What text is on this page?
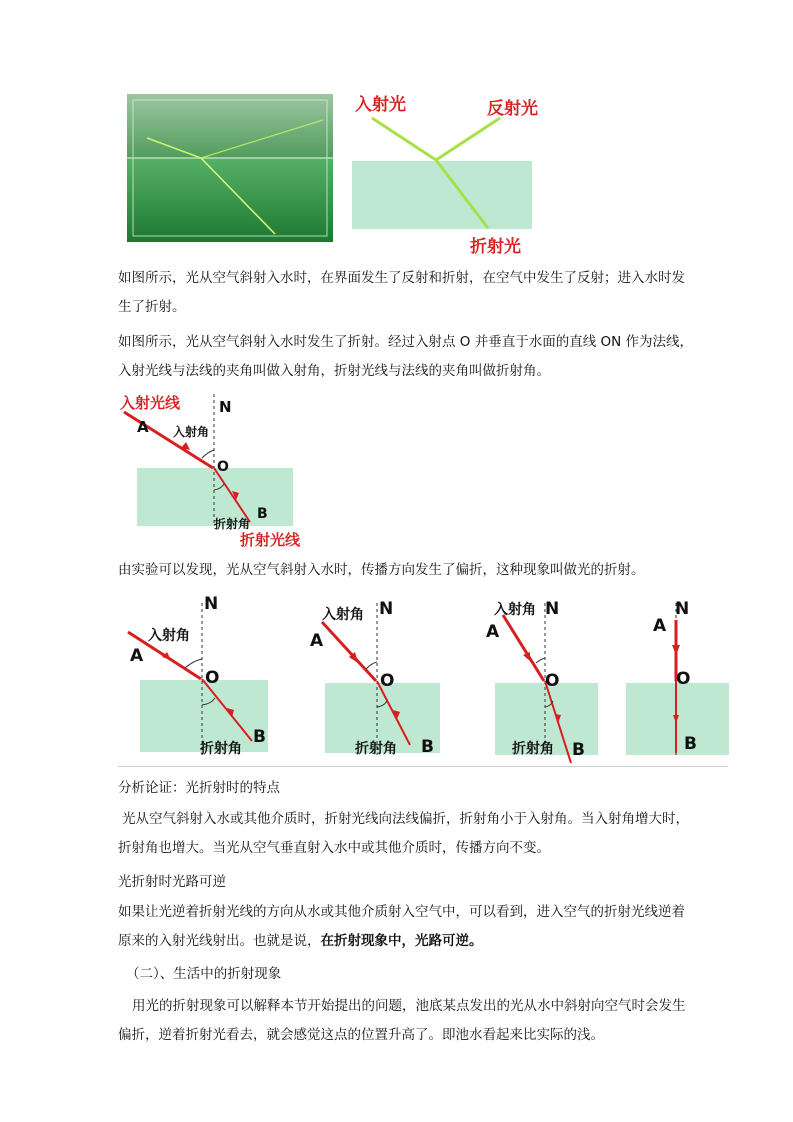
入射光	反射光
折射光
如图所示，光从空气斜射入水时，在界面发生了反射和折射，在空气中发生了反射；进入水时发
生了折射。
如图所示，光从空气斜射入水时发生了折射。经过入射点 O 并垂直于水面的直线 ON 作为法线，
入射光线与法线的夹角叫做入射角，折射光线与法线的夹角叫做折射角。
入射光线	N
A 入射角
O
B
折射角
折射光线
由实验可以发现，光从空气斜射入水时，传播方向发生了偏折，这种现象叫做光的折射。
N
入射角
A
O
折射角
B
入射角 N
A
O
折射角 B
入射角 N
A
O
折射角 B
N
A
O
B
分析论证：光折射时的特点
光从空气斜射入水或其他介质时，折射光线向法线偏折，折射角小于入射角。当入射角增大时，
折射角也增大。当光从空气垂直射入水中或其他介质时，传播方向不变。
光折射时光路可逆
如果让光逆着折射光线的方向从水或其他介质射入空气中，可以看到，进入空气的折射光线逆着
原来的入射光线射出。也就是说，在折射现象中，光路可逆。
（二）、生活中的折射现象
用光的折射现象可以解释本节开始提出的问题，池底某点发出的光从水中斜射向空气时会发生
偏折，逆着折射光看去，就会感觉这点的位置升高了。即池水看起来比实际的浅。
